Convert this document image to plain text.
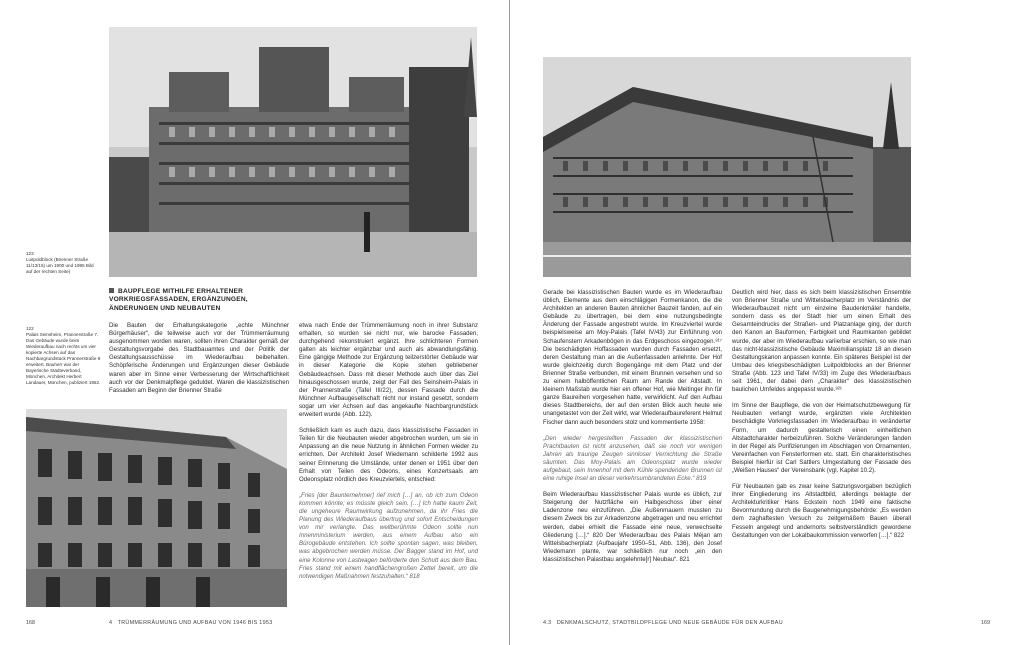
123
Luitpoldblock (Brienner Straße 11/13/15) um 1900 und 1995 Bild auf der rechten Seite)
BAUPFLEGE MITHILFE ERHALTENER VORKRIEGSFASSADEN, ERGÄNZUNGEN, ÄNDERUNGEN UND NEUBAUTEN
122
Palais Seinsheim, Prannerstraße 7. Das Gebäude wurde beim Wiederaufbau nach rechts um vier kopierte Achsen auf das Nachbargrundstück Prannerstraße 9 erweitert. Bauherr war der Bayerische Städteverband, München, Architekt Herbert Landauer, München, publiziert 1952.

Die Bauten der Erhaltungskategorie „echte Münchner Bürgerhäuser“, die teilweise auch vor der Trümmerräumung ausgenommen worden waren, sollten ihren Charakter gemäß der Gestaltungsvorgabe des Stadtbauamtes und der Politik der Gestaltungsausschüsse im Wiederaufbau beibehalten. Schöpferische Änderungen und Ergänzungen dieser Gebäude waren aber im Sinne einer Verbesserung der Wirtschaftlichkeit auch vor der Denkmalpflege geduldet. Waren die klassizistischen Fassaden am Beginn der Brienner Straße

etwa nach Ende der Trümmerräumung noch in ihrer Substanz erhalten, so wurden sie nicht nur, wie barocke Fassaden, durchgehend rekonstruiert ergänzt. Ihre schlichteren Formen galten als leichter ergänzbar und auch als abwandlungsfähig. Eine gängige Methode zur Ergänzung teilzerstörter Gebäude war in dieser Kategorie die Kopie stehen gebliebener Gebäudeachsen. Dass mit dieser Methode auch über das Ziel hinausgeschossen wurde, zeigt der Fall des Seinsheim-Palais in der Prannerstraße (Tafel III/22), dessen Fassade durch die Münchner Aufbaugesellschaft nicht nur instand gesetzt, sondern sogar um vier Achsen auf das angekaufte Nachbargrundstück erweitert wurde (Abb. 122).

Schließlich kam es auch dazu, dass klassizistische Fassaden in Teilen für die Neubauten wieder abgebrochen wurden, um sie in Anpassung an die neue Nutzung in ähnlichen Formen wieder zu errichten. Der Architekt Josef Wiedemann schilderte 1992 aus seiner Erinnerung die Umstände, unter denen er 1951 über den Erhalt von Teilen des Odeons, eines Konzertsaals am Odeonsplatz nördlich des Kreuzviertels, entschied:

„Fries [der Baunternehmer] rief mich […] an, ob ich zum Odeon kommen könnte; es müsste gleich sein. […] Ich hatte kaum Zeit, die ungeheure Raumwirkung aufzunehmen, da ihr Fries die Planung des Wiederaufbaus übertrug und sofort Entscheidungen von mir verlangte. Das weltberühmte Odeon sollte nun Innenministerium werden, aus einem Aufbau also ein Bürogebäude entstehen. Ich sollte spontan sagen, was bleiben, was abgebrochen werden müsse. Der Bagger stand im Hof, und eine Kolonne von Lastwagen beförderte den Schutt aus dem Bau. Fries stand mit einem handflächengroßen Zettel bereit, um die notwendigen Maßnahmen festzuhalten.“ 818

168	4 TRÜMMERRÄUMUNG UND AUFBAU VON 1946 BIS 1953

Gerade bei klassizistischen Bauten wurde es im Wiederaufbau üblich, Elemente aus dem einschlägigen Formenkanon, die die Architekten an anderen Bauten ähnlicher Bauzeit fanden, auf ein Gebäude zu übertragen, bei dem eine nutzungsbedingte Änderung der Fassade angestrebt wurde. Im Kreuzviertel wurde beispielsweise am Moy-Palais (Tafel IV/43) zur Einführung von Schaufenstern Arkadenbögen in das Erdgeschoss eingezogen.⁸¹⁷ Die beschädigten Hoffassaden wurden durch Fassaden ersetzt, deren Gestaltung man an die Außenfassaden anlehnte. Der Hof wurde gleichzeitig durch Bogengänge mit dem Platz und der Brienner Straße verbunden, mit einem Brunnen versehen und so zu einem halböffentlichen Raum am Rande der Altstadt. In kleinem Maßstab wurde hier ein offener Hof, wie Meitinger ihn für ganze Baureihen vorgesehen hatte, verwirklicht. Auf den Aufbau dieses Stadtbereichs, der auf den ersten Blick auch heute wie unangetastet von der Zeit wirkt, war Wiederaufbaureferent Helmut Fischer dann auch besonders stolz und kommentierte 1958:

„Den wieder hergestellten Fassaden der klassizistischen Prachtbauten ist nicht anzusehen, daß sie noch vor wenigen Jahren als traurige Zeugen sinnloser Vernichtung die Straße säumten. Das Moy-Palais am Odeonsplatz wurde wieder aufgebaut, sein Innenhof mit dem Kühle spendenden Brunnen ist eine ruhige Insel an dieser verkehrsumbrandeten Ecke.“ 819

Beim Wiederaufbau klassizistischer Palais wurde es üblich, zur Steigerung der Nutzfläche ein Halbgeschoss über einer Ladenzone neu einzuführen. „Die Außenmauern mussten zu diesem Zweck bis zur Arkadenzone abgetragen und neu errichtet werden, dabei erhielt die Fassade eine neue, verwechselte Gliederung […].“ 820 Der Wiederaufbau des Palais Méjan am Wittelsbacherplatz (Aufbaujahr 1950–51, Abb. 136), den Josef Wiedemann plante, war schließlich nur noch „ein den klassizistischen Palastbau angelehnte[r] Neubau“. 821

Deutlich wird hier, dass es sich beim klassizistischen Ensemble von Brienner Straße und Wittelsbacherplatz im Verständnis der Wiederaufbauzeit nicht um einzelne Baudenkmäler handelte, sondern dass es der Stadt hier um einen Erhalt des Gesamteindrucks der Straßen- und Platzanlage ging, der durch den Kanon an Bauformen, Farbigkeit und Raumkanten gebildet wurde, der aber im Wiederaufbau variierbar erschien, so wie man das nicht-klassizistische Gebäude Maximiliansplatz 18 an diesen Gestaltungskanon anpassen konnte. Ein späteres Beispiel ist der Umbau des kriegsbeschädigten Luitpoldblocks an der Brienner Straße (Abb. 123 und Tafel IV/33) im Zuge des Wiederaufbaus seit 1961, der dabei dem „Charakter“ des klassizistischen baulichen Umfeldes angepasst wurde.⁸²¹

Im Sinne der Baupflege, die von der Heimatschutzbewegung für Neubauten verlangt wurde, ergänzten viele Architekten beschädigte Vorkriegsfassaden im Wiederaufbau in veränderter Form, um dadurch gestalterisch einen einheitlichen Altstadtcharakter herbeizuführen. Solche Veränderungen fanden in der Regel als Purifizierungen im Abschlagen von Ornamenten, Vereinfachen von Fensterformen etc. statt. Ein charakteristisches Beispiel hierfür ist Carl Sattlers Umgestaltung der Fassade des „Weißen Hauses“ der Vereinsbank (vgl. Kapitel 10.2).

Für Neubauten gab es zwar keine Satzungsvorgaben bezüglich ihrer Eingliederung ins Altstadtbild, allerdings beklagte der Architekturkritiker Hans Eckstein noch 1949 eine faktische Bevormundung durch die Baugenehmigungsbehörde: „Es werden dem zaghaftesten Versuch zu zeitgemäßem Bauen überall Fesseln angelegt und andernorts selbstverständlich gewordene Gestaltungen von der Lokalbaukommission verworfen […].“ 822

4.3 DENKMALSCHUTZ, STADTBILDPFLEGE UND NEUE GEBÄUDE FÜR DEN AUFBAU	169
